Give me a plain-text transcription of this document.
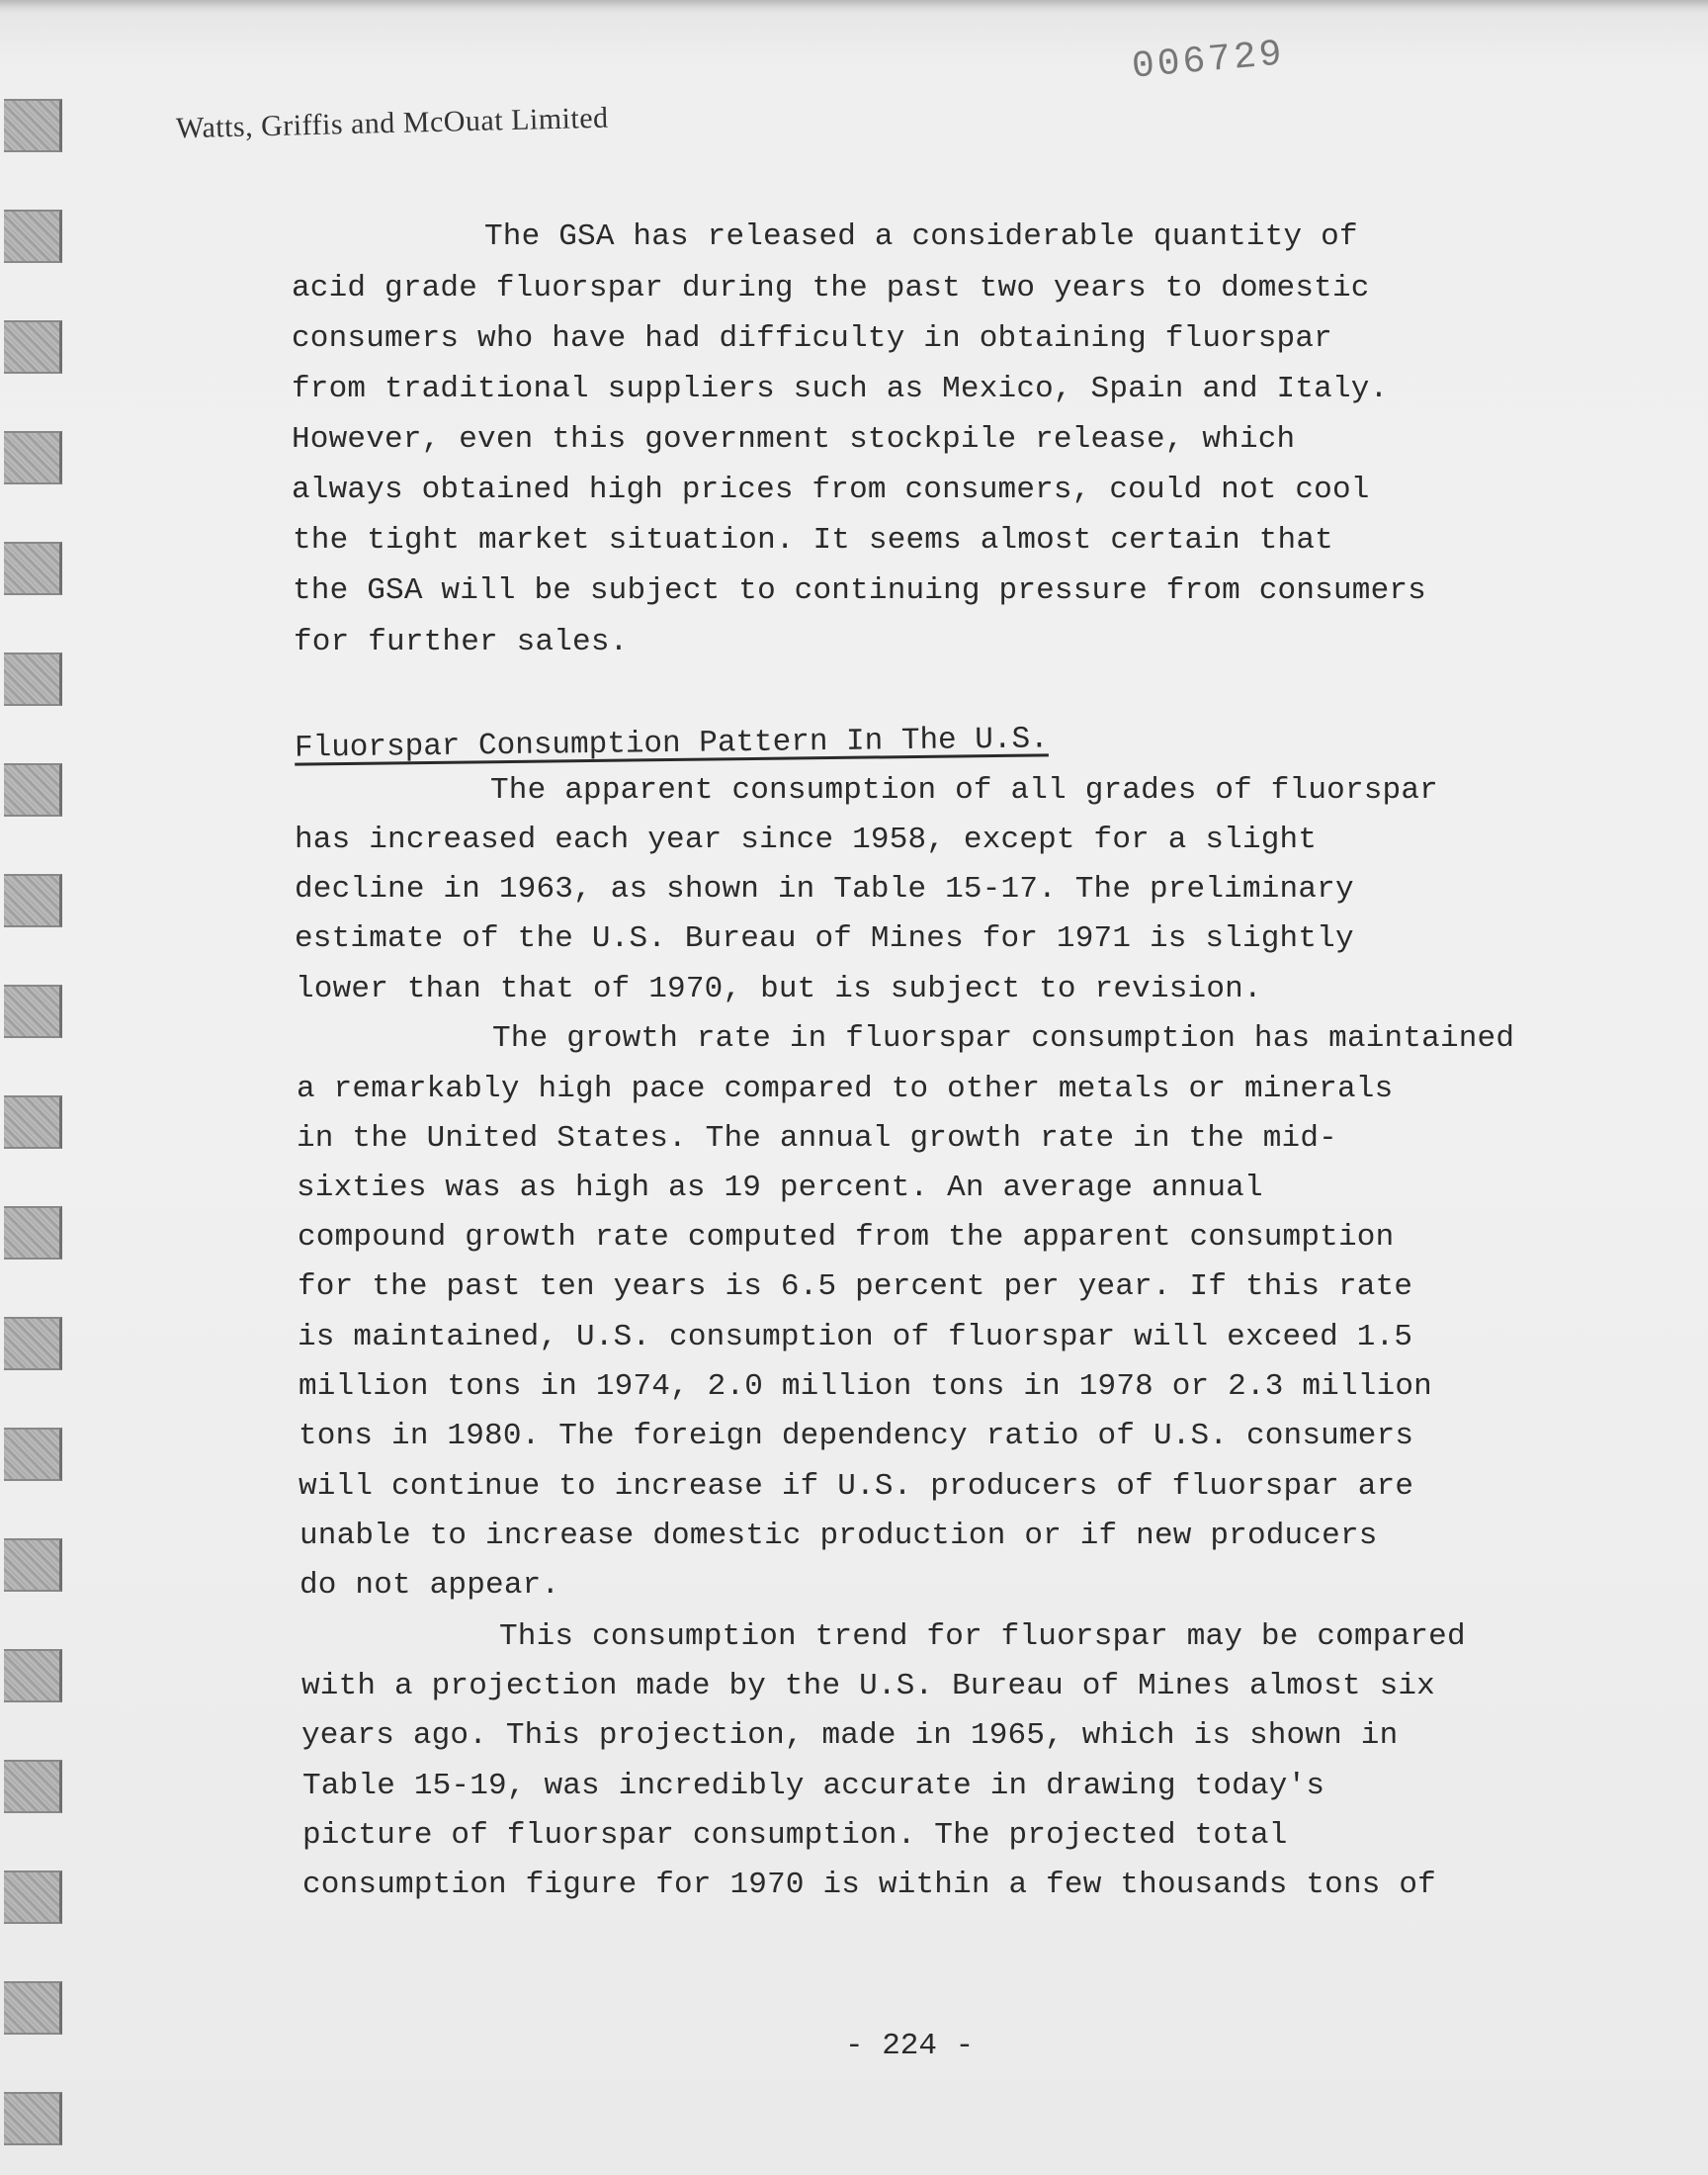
Watts, Griffis and McOuat Limited
006729
The GSA has released a considerable quantity of
acid grade fluorspar during the past two years to domestic
consumers who have had difficulty in obtaining fluorspar
from traditional suppliers such as Mexico, Spain and Italy.
However, even this government stockpile release, which
always obtained high prices from consumers, could not cool
the tight market situation. It seems almost certain that
the GSA will be subject to continuing pressure from consumers
for further sales.
Fluorspar Consumption Pattern In The U.S.
The apparent consumption of all grades of fluorspar
has increased each year since 1958, except for a slight
decline in 1963, as shown in Table 15-17. The preliminary
estimate of the U.S. Bureau of Mines for 1971 is slightly
lower than that of 1970, but is subject to revision.
The growth rate in fluorspar consumption has maintained
a remarkably high pace compared to other metals or minerals
in the United States. The annual growth rate in the mid-
sixties was as high as 19 percent. An average annual
compound growth rate computed from the apparent consumption
for the past ten years is 6.5 percent per year. If this rate
is maintained, U.S. consumption of fluorspar will exceed 1.5
million tons in 1974, 2.0 million tons in 1978 or 2.3 million
tons in 1980. The foreign dependency ratio of U.S. consumers
will continue to increase if U.S. producers of fluorspar are
unable to increase domestic production or if new producers
do not appear.
This consumption trend for fluorspar may be compared
with a projection made by the U.S. Bureau of Mines almost six
years ago. This projection, made in 1965, which is shown in
Table 15-19, was incredibly accurate in drawing today's
picture of fluorspar consumption. The projected total
consumption figure for 1970 is within a few thousands tons of
- 224 -
